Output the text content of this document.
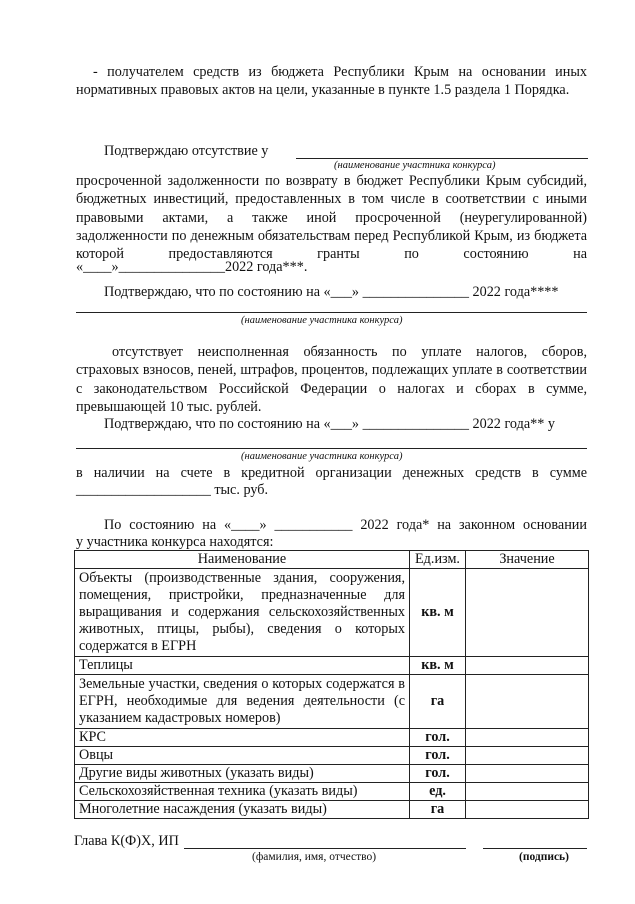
- получателем средств из бюджета Республики Крым на основании иных нормативных правовых актов на цели, указанные в пункте 1.5 раздела 1 Порядка.

Подтверждаю отсутствие у
(наименование участника конкурса)

просроченной задолженности по возврату в бюджет Республики Крым субсидий, бюджетных инвестиций, предоставленных в том числе в соответствии с иными правовыми актами, а также иной просроченной (неурегулированной) задолженности по денежным обязательствам перед Республикой Крым, из бюджета которой предоставляются гранты по состоянию на

«____»_______________2022 года***.
Подтверждаю, что по состоянию на «___» _______________ 2022 года****
(наименование участника конкурса)

отсутствует неисполненная обязанность по уплате налогов, сборов, страховых взносов, пеней, штрафов, процентов, подлежащих уплате в соответствии с законодательством Российской Федерации о налогах и сборах в сумме, превышающей 10 тыс. рублей.

Подтверждаю, что по состоянию на «___» _______________ 2022 года** у
(наименование участника конкурса)
в наличии на счете в кредитной организации денежных средств в сумме
___________________ тыс. руб.
По состоянию на «____» ___________ 2022 года* на законном основании
у участника конкурса находятся:
Наименование	Ед.изм.	Значение
Объекты (производственные здания, сооружения, помещения, пристройки, предназначенные для выращивания и содержания сельскохозяйственных животных, птицы, рыбы), сведения о которых содержатся в ЕГРН	кв. м	
Теплицы	кв. м	
Земельные участки, сведения о которых содержатся в ЕГРН, необходимые для ведения деятельности (с указанием кадастровых номеров)	га	
КРС	гол.	
Овцы	гол.	
Другие виды животных (указать виды)	гол.	
Сельскохозяйственная техника (указать виды)	ед.	
Многолетние насаждения (указать виды)	га	
Глава К(Ф)Х, ИП
(фамилия, имя, отчество)	(подпись)
